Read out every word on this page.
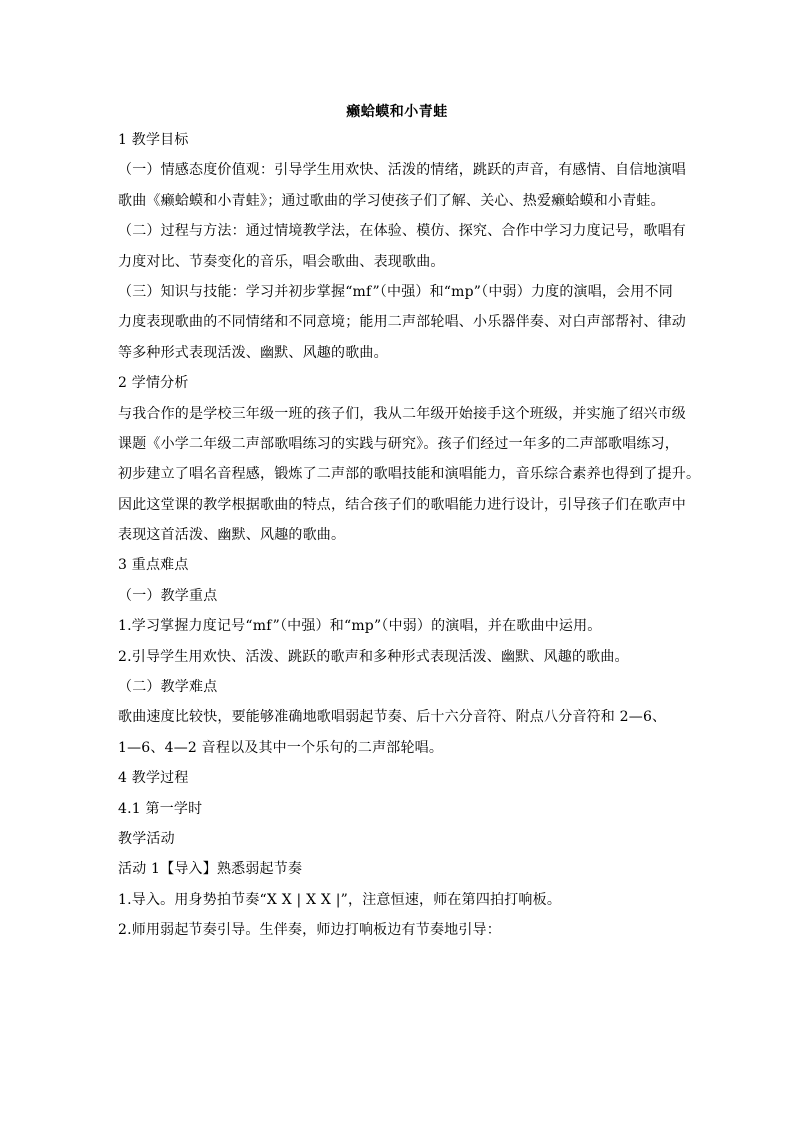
癞蛤蟆和小青蛙
1 教学目标
（一）情感态度价值观：引导学生用欢快、活泼的情绪，跳跃的声音，有感情、自信地演唱
歌曲《癞蛤蟆和小青蛙》；通过歌曲的学习使孩子们了解、关心、热爱癞蛤蟆和小青蛙。
（二）过程与方法：通过情境教学法，在体验、模仿、探究、合作中学习力度记号，歌唱有
力度对比、节奏变化的音乐，唱会歌曲、表现歌曲。
（三）知识与技能：学习并初步掌握“mf”（中强）和“mp”（中弱）力度的演唱，会用不同
力度表现歌曲的不同情绪和不同意境；能用二声部轮唱、小乐器伴奏、对白声部帮衬、律动
等多种形式表现活泼、幽默、风趣的歌曲。
2 学情分析
与我合作的是学校三年级一班的孩子们，我从二年级开始接手这个班级，并实施了绍兴市级
课题《小学二年级二声部歌唱练习的实践与研究》。孩子们经过一年多的二声部歌唱练习，
初步建立了唱名音程感，锻炼了二声部的歌唱技能和演唱能力，音乐综合素养也得到了提升。
因此这堂课的教学根据歌曲的特点，结合孩子们的歌唱能力进行设计，引导孩子们在歌声中
表现这首活泼、幽默、风趣的歌曲。
3 重点难点
（一）教学重点
1.学习掌握力度记号“mf”（中强）和“mp”（中弱）的演唱，并在歌曲中运用。
2.引导学生用欢快、活泼、跳跃的歌声和多种形式表现活泼、幽默、风趣的歌曲。
（二）教学难点
歌曲速度比较快，要能够准确地歌唱弱起节奏、后十六分音符、附点八分音符和 2—6、
1—6、4—2 音程以及其中一个乐句的二声部轮唱。
4 教学过程
4.1 第一学时
教学活动
活动 1【导入】熟悉弱起节奏
1.导入。用身势拍节奏“X X | X X |”，注意恒速，师在第四拍打响板。
2.师用弱起节奏引导。生伴奏，师边打响板边有节奏地引导：
